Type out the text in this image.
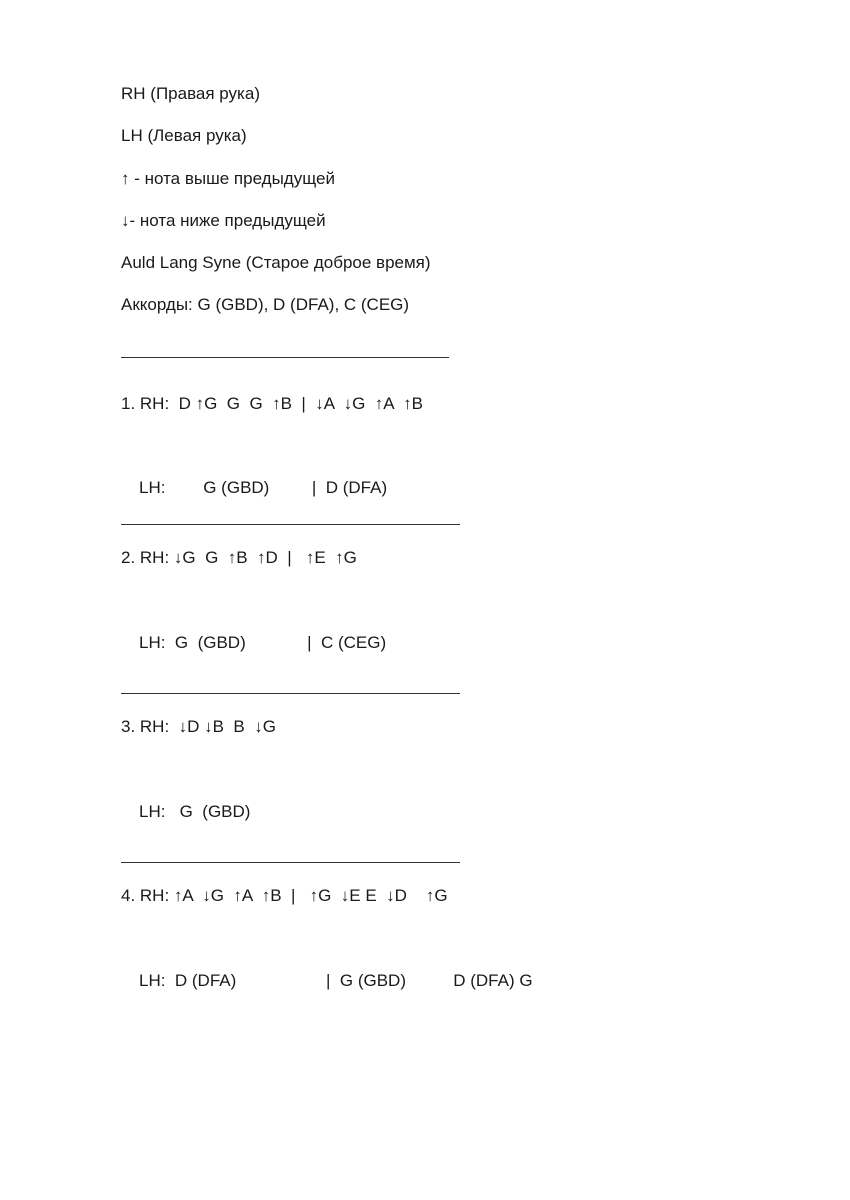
RH (Правая рука)
LH (Левая рука)
↑ - нота выше предыдущей
↓- нота ниже предыдущей
Auld Lang Syne (Старое доброе время)
Аккорды: G (GBD), D (DFA), C (CEG)
1. RH:  D ↑G  G  G  ↑B  |  ↓A  ↓G  ↑A  ↑B
LH:        G (GBD)         |  D (DFA)
2. RH: ↓G  G  ↑B  ↑D  |   ↑E  ↑G
LH:  G  (GBD)             |  C (CEG)
3. RH:  ↓D ↓B  B  ↓G
LH:   G  (GBD)
4. RH: ↑A  ↓G  ↑A  ↑B  |   ↑G  ↓E E  ↓D    ↑G
LH:  D (DFA)                   |  G (GBD)          D (DFA) G
